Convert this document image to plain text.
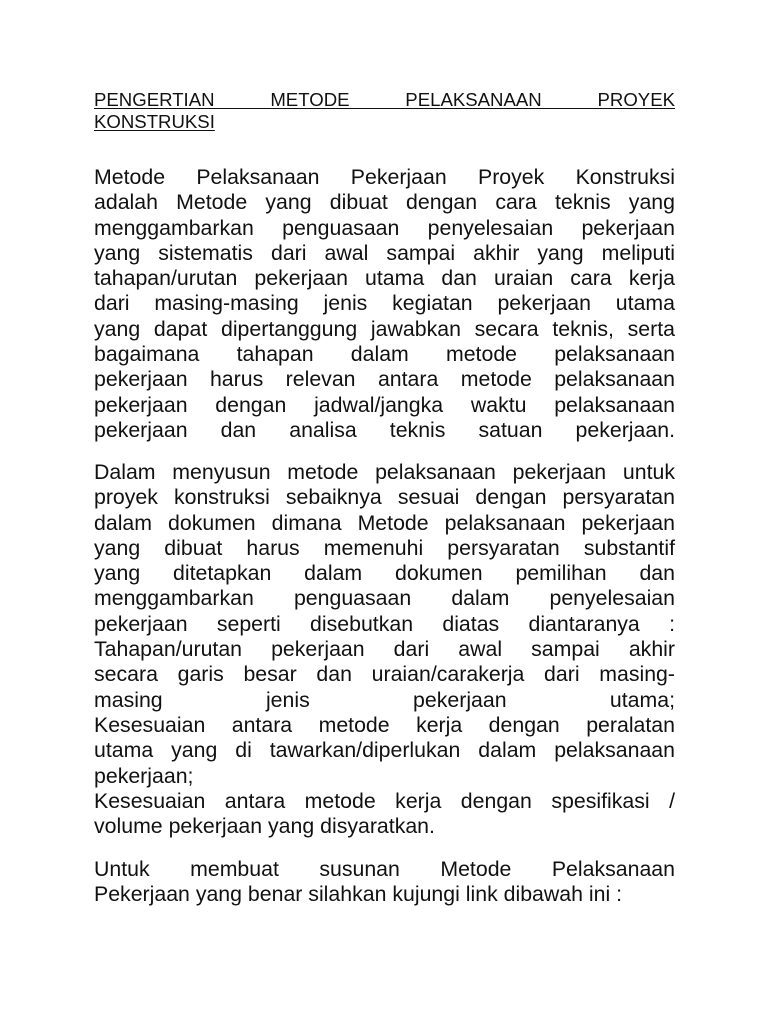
PENGERTIAN METODE PELAKSANAAN PROYEK
KONSTRUKSI

Metode Pelaksanaan Pekerjaan Proyek Konstruksi
adalah Metode yang dibuat dengan cara teknis yang
menggambarkan penguasaan penyelesaian pekerjaan
yang sistematis dari awal sampai akhir yang meliputi
tahapan/urutan pekerjaan utama dan uraian cara kerja
dari masing-masing jenis kegiatan pekerjaan utama
yang dapat dipertanggung jawabkan secara teknis, serta
bagaimana tahapan dalam metode pelaksanaan
pekerjaan harus relevan antara metode pelaksanaan
pekerjaan dengan jadwal/jangka waktu pelaksanaan
pekerjaan dan analisa teknis satuan pekerjaan.

Dalam menyusun metode pelaksanaan pekerjaan untuk
proyek konstruksi sebaiknya sesuai dengan persyaratan
dalam dokumen dimana Metode pelaksanaan pekerjaan
yang dibuat harus memenuhi persyaratan substantif
yang ditetapkan dalam dokumen pemilihan dan
menggambarkan penguasaan dalam penyelesaian
pekerjaan seperti disebutkan diatas diantaranya :
Tahapan/urutan pekerjaan dari awal sampai akhir
secara garis besar dan uraian/carakerja dari masing-
masing jenis pekerjaan utama;
Kesesuaian antara metode kerja dengan peralatan
utama yang di tawarkan/diperlukan dalam pelaksanaan
pekerjaan;
Kesesuaian antara metode kerja dengan spesifikasi /
volume pekerjaan yang disyaratkan.

Untuk membuat susunan Metode Pelaksanaan
Pekerjaan yang benar silahkan kujungi link dibawah ini :
